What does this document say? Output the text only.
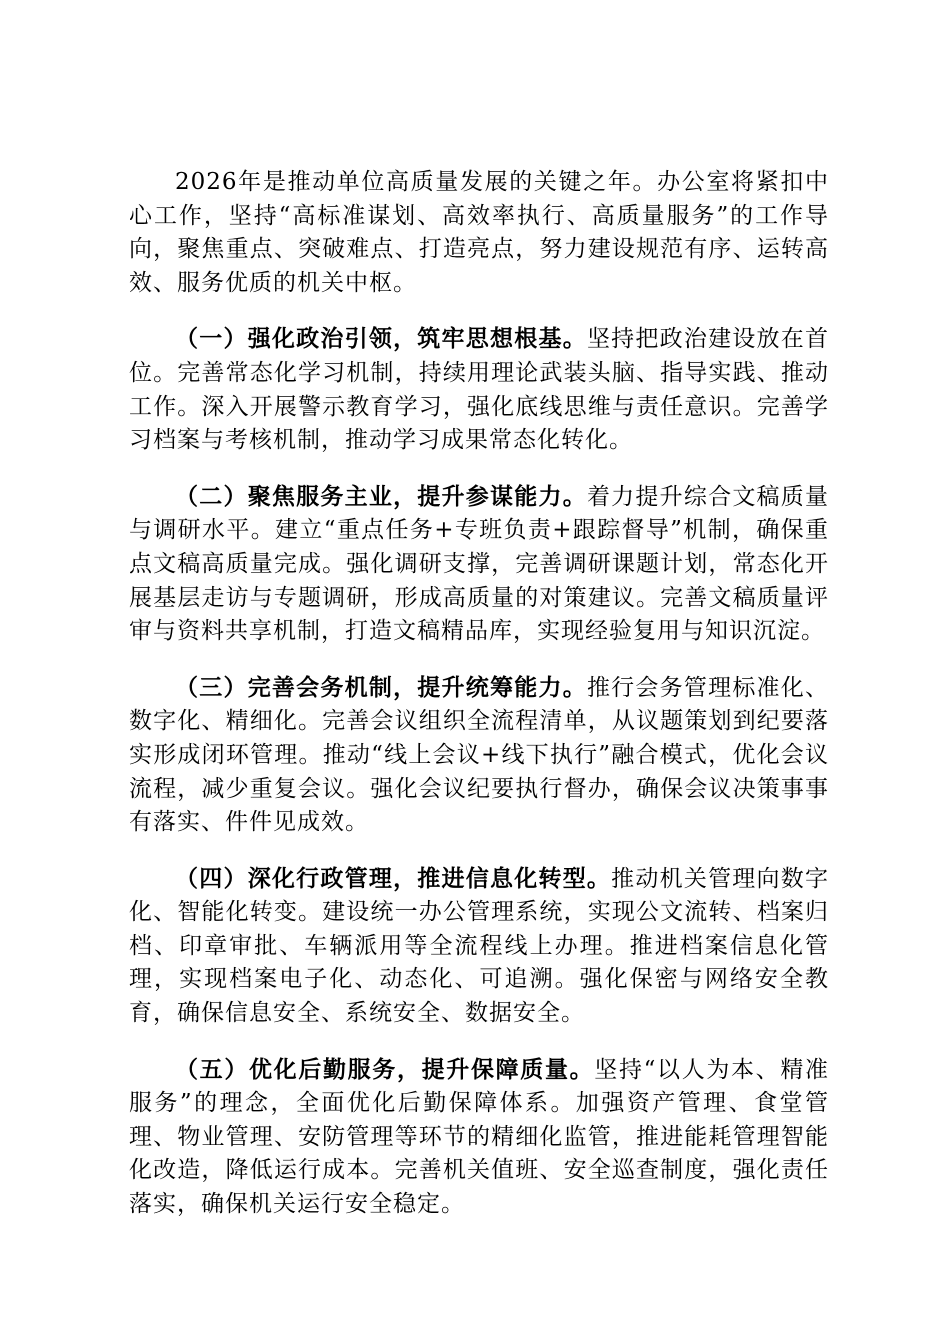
2026年是推动单位高质量发展的关键之年。办公室将紧扣中心工作，坚持“高标准谋划、高效率执行、高质量服务”的工作导向，聚焦重点、突破难点、打造亮点，努力建设规范有序、运转高效、服务优质的机关中枢。

（一）强化政治引领，筑牢思想根基。坚持把政治建设放在首位。完善常态化学习机制，持续用理论武装头脑、指导实践、推动工作。深入开展警示教育学习，强化底线思维与责任意识。完善学习档案与考核机制，推动学习成果常态化转化。

（二）聚焦服务主业，提升参谋能力。着力提升综合文稿质量与调研水平。建立“重点任务+专班负责+跟踪督导”机制，确保重点文稿高质量完成。强化调研支撑，完善调研课题计划，常态化开展基层走访与专题调研，形成高质量的对策建议。完善文稿质量评审与资料共享机制，打造文稿精品库，实现经验复用与知识沉淀。

（三）完善会务机制，提升统筹能力。推行会务管理标准化、数字化、精细化。完善会议组织全流程清单，从议题策划到纪要落实形成闭环管理。推动“线上会议+线下执行”融合模式，优化会议流程，减少重复会议。强化会议纪要执行督办，确保会议决策事事有落实、件件见成效。

（四）深化行政管理，推进信息化转型。推动机关管理向数字化、智能化转变。建设统一办公管理系统，实现公文流转、档案归档、印章审批、车辆派用等全流程线上办理。推进档案信息化管理，实现档案电子化、动态化、可追溯。强化保密与网络安全教育，确保信息安全、系统安全、数据安全。

（五）优化后勤服务，提升保障质量。坚持“以人为本、精准服务”的理念，全面优化后勤保障体系。加强资产管理、食堂管理、物业管理、安防管理等环节的精细化监管，推进能耗管理智能化改造，降低运行成本。完善机关值班、安全巡查制度，强化责任落实，确保机关运行安全稳定。
